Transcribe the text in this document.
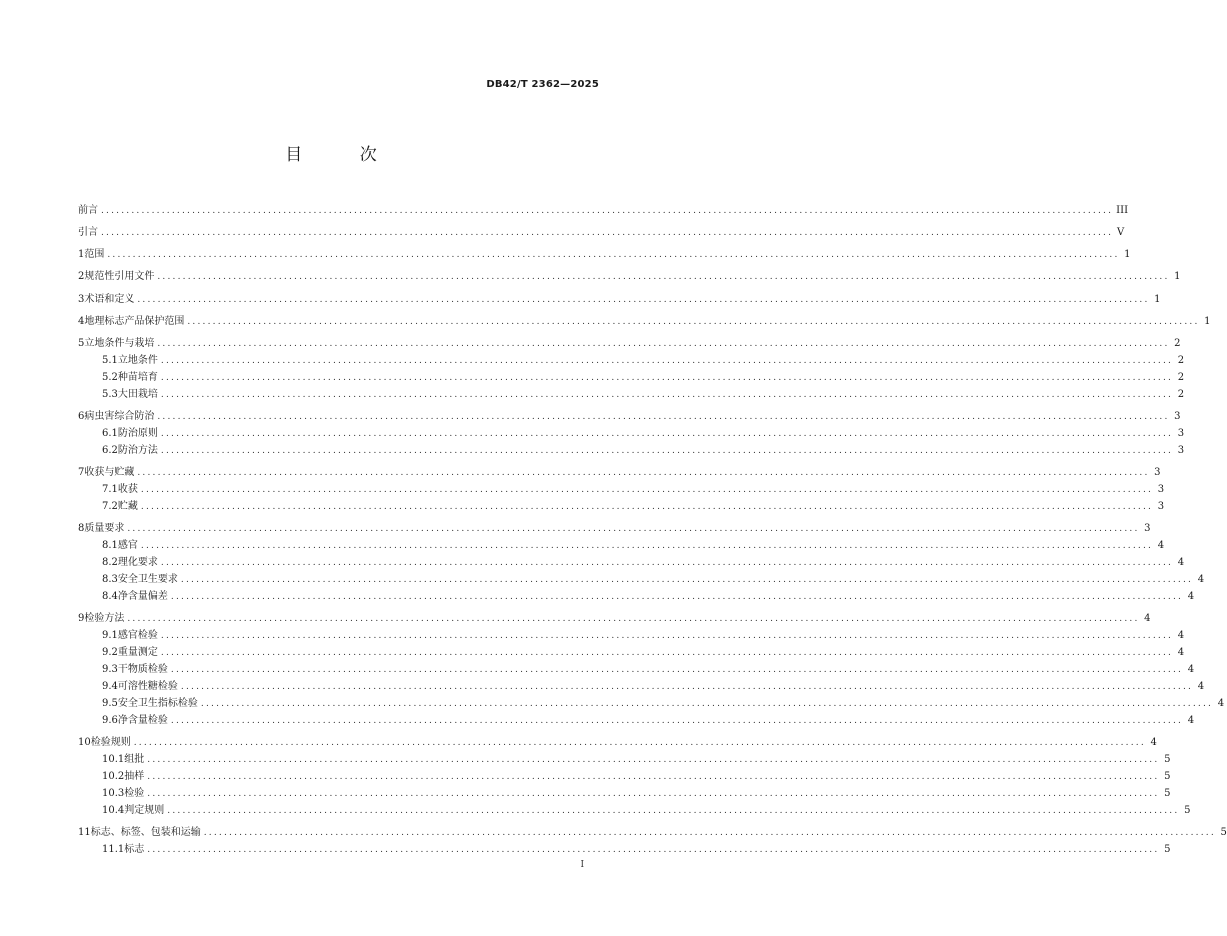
DB42/T 2362—2025
目 次
前言 ........................................................................................................................................................................................................ III
引言 ........................................................................................................................................................................................................ V
1 范围 ........................................................................................................................................................................................................ 1
2 规范性引用文件 ........................................................................................................................................................................................................ 1
3 术语和定义 ........................................................................................................................................................................................................ 1
4 地理标志产品保护范围 ........................................................................................................................................................................................................ 1
5 立地条件与栽培 ........................................................................................................................................................................................................ 2
5.1 立地条件 ........................................................................................................................................................................................................ 2
5.2 种苗培育 ........................................................................................................................................................................................................ 2
5.3 大田栽培 ........................................................................................................................................................................................................ 2
6 病虫害综合防治 ........................................................................................................................................................................................................ 3
6.1 防治原则 ........................................................................................................................................................................................................ 3
6.2 防治方法 ........................................................................................................................................................................................................ 3
7 收获与贮藏 ........................................................................................................................................................................................................ 3
7.1 收获 ........................................................................................................................................................................................................ 3
7.2 贮藏 ........................................................................................................................................................................................................ 3
8 质量要求 ........................................................................................................................................................................................................ 3
8.1 感官 ........................................................................................................................................................................................................ 4
8.2 理化要求 ........................................................................................................................................................................................................ 4
8.3 安全卫生要求 ........................................................................................................................................................................................................ 4
8.4 净含量偏差 ........................................................................................................................................................................................................ 4
9 检验方法 ........................................................................................................................................................................................................ 4
9.1 感官检验 ........................................................................................................................................................................................................ 4
9.2 重量测定 ........................................................................................................................................................................................................ 4
9.3 干物质检验 ........................................................................................................................................................................................................ 4
9.4 可溶性糖检验 ........................................................................................................................................................................................................ 4
9.5 安全卫生指标检验 ........................................................................................................................................................................................................ 4
9.6 净含量检验 ........................................................................................................................................................................................................ 4
10 检验规则 ........................................................................................................................................................................................................ 4
10.1 组批 ........................................................................................................................................................................................................ 5
10.2 抽样 ........................................................................................................................................................................................................ 5
10.3 检验 ........................................................................................................................................................................................................ 5
10.4 判定规则 ........................................................................................................................................................................................................ 5
11 标志、标签、包装和运输 ........................................................................................................................................................................................................ 5
11.1 标志 ........................................................................................................................................................................................................ 5
I
